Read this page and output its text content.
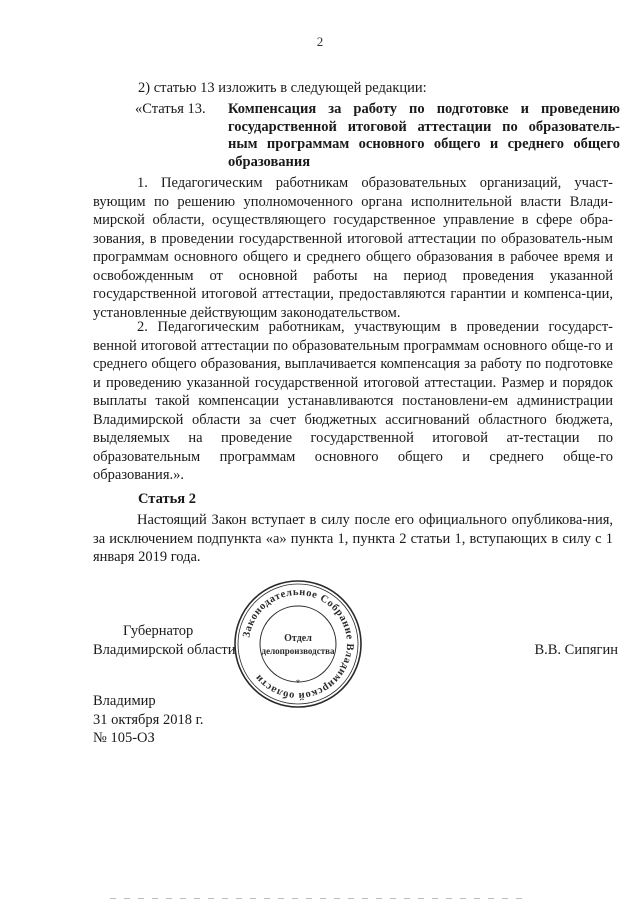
2

2) статью 13 изложить в следующей редакции:

«Статья 13. Компенсация за работу по подготовке и проведению государственной итоговой аттестации по образователь-ным программам основного общего и среднего общего образования

1. Педагогическим работникам образовательных организаций, участ-вующим по решению уполномоченного органа исполнительной власти Влади-мирской области, осуществляющего государственное управление в сфере обра-зования, в проведении государственной итоговой аттестации по образователь-ным программам основного общего и среднего общего образования в рабочее время и освобожденным от основной работы на период проведения указанной государственной итоговой аттестации, предоставляются гарантии и компенса-ции, установленные действующим законодательством.

2. Педагогическим работникам, участвующим в проведении государст-венной итоговой аттестации по образовательным программам основного обще-го и среднего общего образования, выплачивается компенсация за работу по подготовке и проведению указанной государственной итоговой аттестации. Размер и порядок выплаты такой компенсации устанавливаются постановлени-ем администрации Владимирской области за счет бюджетных ассигнований областного бюджета, выделяемых на проведение государственной итоговой ат-тестации по образовательным программам основного общего и среднего обще-го образования.».

Статья 2

Настоящий Закон вступает в силу после его официального опубликова-ния, за исключением подпункта «а» пункта 1, пункта 2 статьи 1, вступающих в силу с 1 января 2019 года.

Губернатор
Владимирской области	В.В. Сипягин
Законодательное Собрание Владимирской области	*
Отдел
делопроизводства
Владимир
31 октября 2018 г.
№ 105-ОЗ
